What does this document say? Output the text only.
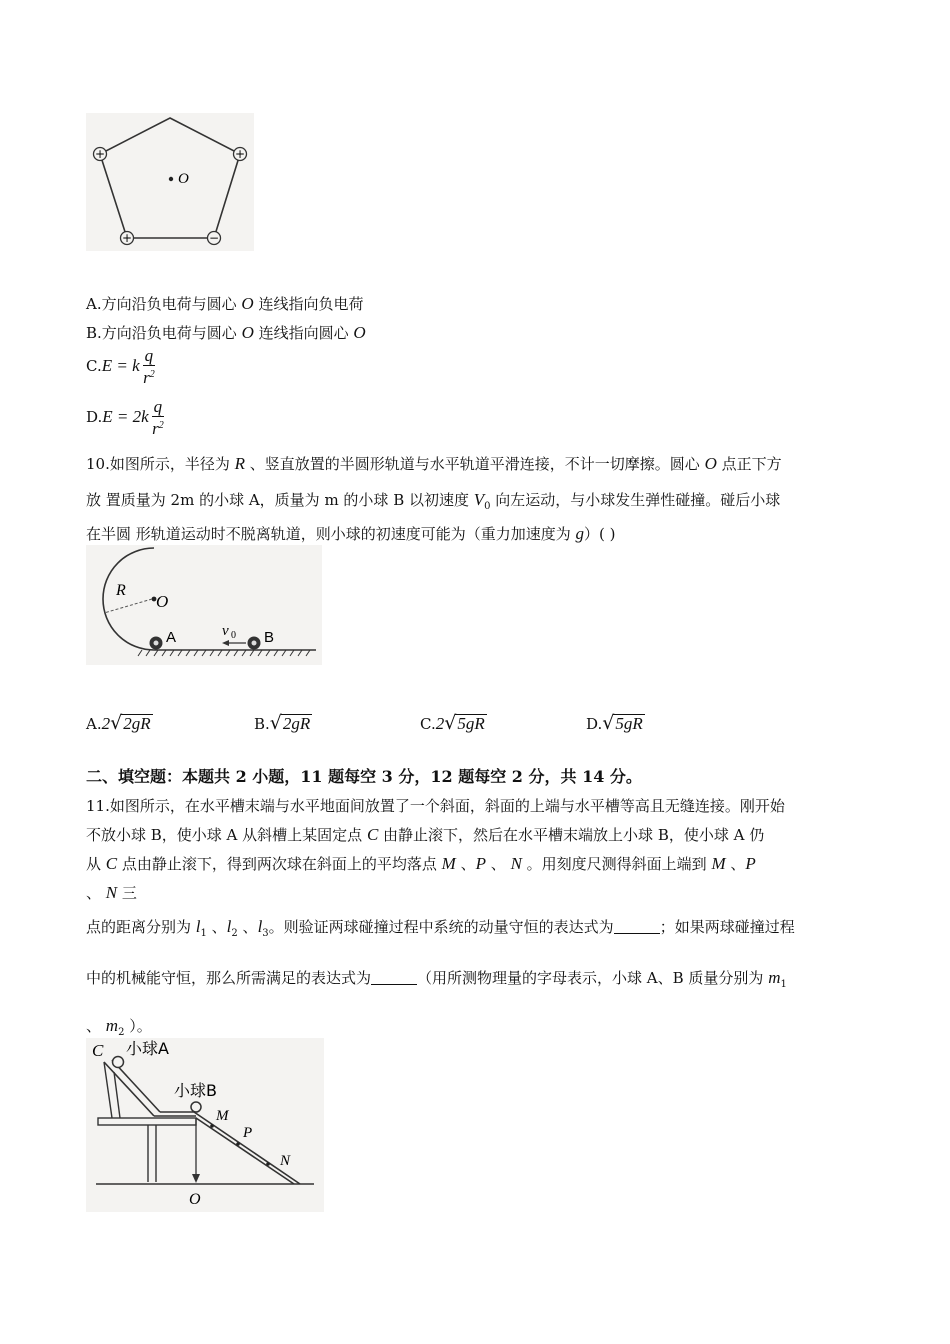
+	+
+	−
O
A.方向沿负电荷与圆心 O 连线指向负电荷
B.方向沿负电荷与圆心 O 连线指向圆心 O
C.E = k $\frac{q}{r^2}$
$D.E = 2k \frac{q}{r^2}$
10.如图所示，半径为 R 、竖直放置的半圆形轨道与水平轨道平滑连接，不计一切摩擦。圆心 O 点正下方
放 置质量为 2m 的小球 A，质量为 m 的小球 B 以初速度 $V_0$ 向左运动，与小球发生弹性碰撞。碰后小球
在半圆 形轨道运动时不脱离轨道，则小球的初速度可能为（重力加速度为 g）( )
R
O
A	B
v 0
A.2√2gR	B.√2gR	C.2√5gR	D.√5gR
二、填空题：本题共 2 小题，11 题每空 3 分，12 题每空 2 分，共 14 分。
11.如图所示，在水平槽末端与水平地面间放置了一个斜面，斜面的上端与水平槽等高且无缝连接。刚开始
不放小球 B，使小球 A 从斜槽上某固定点 C 由静止滚下，然后在水平槽末端放上小球 B，使小球 A 仍
从 C 点由静止滚下，得到两次球在斜面上的平均落点 M 、P 、 N 。用刻度尺测得斜面上端到 M 、P
、 N 三
点的距离分别为 $l_1$ 、$l_2$ 、$l_3$。则验证两球碰撞过程中系统的动量守恒的表达式为	；如果两球碰撞过程
中的机械能守恒，那么所需满足的表达式为	（用所测物理量的字母表示，小球 A、B 质量分别为 $m_1$
、 $m_2$ ）。
C 小球A
小球B
M
P
N
O
